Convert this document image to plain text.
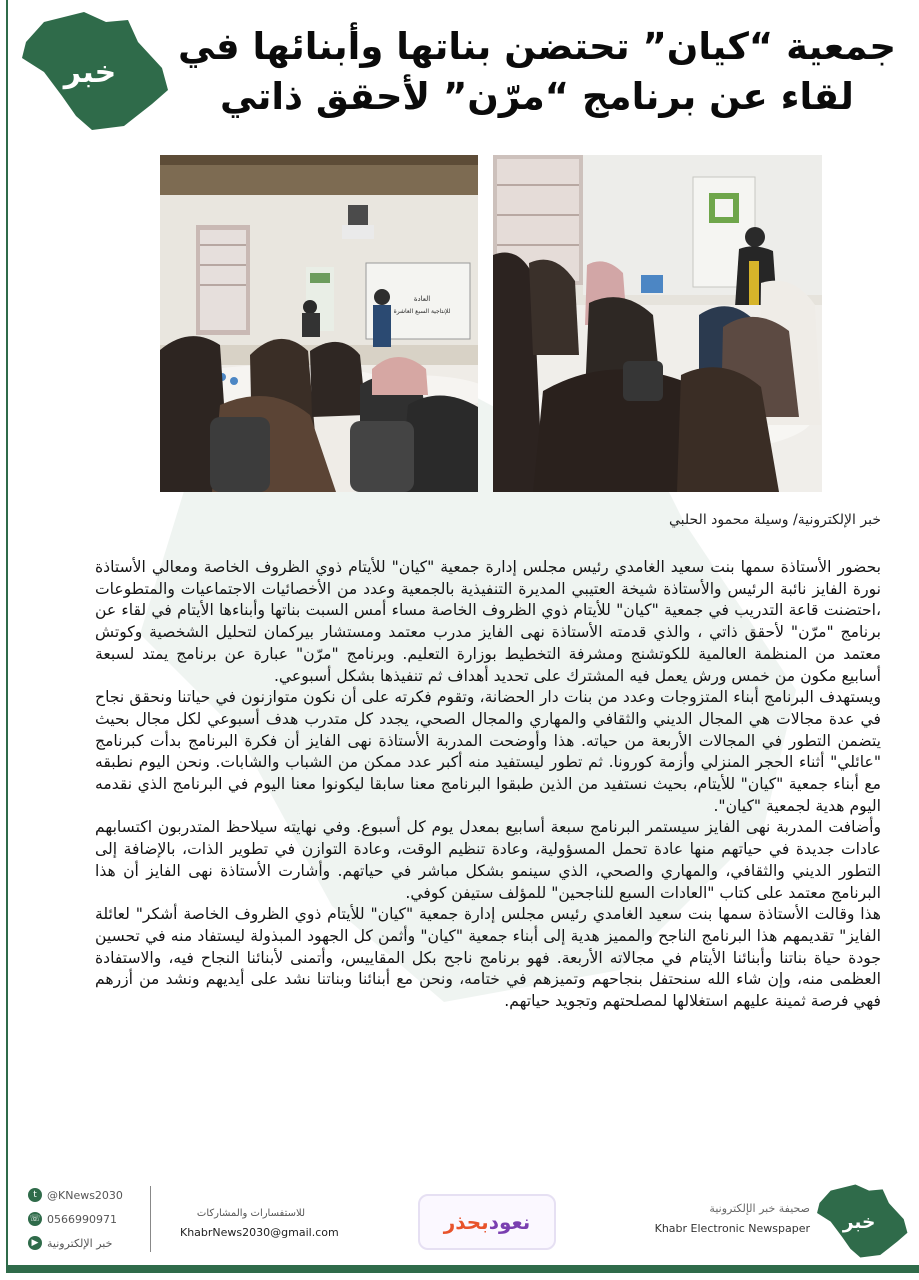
خبر
جمعية “كيان” تحتضن بناتها وأبنائها في
لقاء عن برنامج “مرّن” لأحقق ذاتي
العادة
للإنتاجية السبع العاشرة
خبر الإلكترونية/ وسيلة محمود الحلبي

بحضور الأستاذة سمها بنت سعيد الغامدي رئيس مجلس إدارة جمعية "كيان" للأيتام ذوي الظروف الخاصة ومعالي الأستاذة نورة الفايز نائبة الرئيس والأستاذة شيخة العتيبي المديرة التنفيذية بالجمعية وعدد من الأخصائيات الاجتماعيات والمتطوعات ،احتضنت قاعة التدريب في جمعية "كيان" للأيتام ذوي الظروف الخاصة مساء أمس السبت بناتها وأبناءها الأيتام في لقاء عن برنامج "مرّن" لأحقق ذاتي ، والذي قدمته الأستاذة نهى الفايز مدرب معتمد ومستشار بيركمان لتحليل الشخصية وكوتش معتمد من المنظمة العالمية للكوتشنج ومشرفة التخطيط بوزارة التعليم. وبرنامج "مرّن" عبارة عن برنامج يمتد لسبعة أسابيع مكون من خمس ورش يعمل فيه المشترك على تحديد أهداف ثم تنفيذها بشكل أسبوعي.

ويستهدف البرنامج أبناء المتزوجات وعدد من بنات دار الحضانة، وتقوم فكرته على أن نكون متوازنون في حياتنا ونحقق نجاح في عدة مجالات هي المجال الديني والثقافي والمهاري والمجال الصحي، يجدد كل متدرب هدف أسبوعي لكل مجال بحيث يتضمن التطور في المجالات الأربعة من حياته. هذا وأوضحت المدربة الأستاذة نهى الفايز أن فكرة البرنامج بدأت كبرنامج "عائلي" أثناء الحجر المنزلي وأزمة كورونا. ثم تطور ليستفيد منه أكبر عدد ممكن من الشباب والشابات. ونحن اليوم نطبقه مع أبناء جمعية "كيان" للأيتام، بحيث نستفيد من الذين طبقوا البرنامج معنا سابقا ليكونوا معنا اليوم في البرنامج الذي نقدمه اليوم هدية لجمعية "كيان".

وأضافت المدربة نهى الفايز سيستمر البرنامج سبعة أسابيع بمعدل يوم كل أسبوع. وفي نهايته سيلاحظ المتدربون اكتسابهم عادات جديدة في حياتهم منها عادة تحمل المسؤولية، وعادة تنظيم الوقت، وعادة التوازن في تطوير الذات، بالإضافة إلى التطور الديني والثقافي، والمهاري والصحي، الذي سينمو بشكل مباشر في حياتهم. وأشارت الأستاذة نهى الفايز أن هذا البرنامج معتمد على كتاب "العادات السبع للناجحين" للمؤلف ستيفن كوفي.

هذا وقالت الأستاذة سمها بنت سعيد الغامدي رئيس مجلس إدارة جمعية "كيان" للأيتام ذوي الظروف الخاصة أشكر" لعائلة الفايز" تقديمهم هذا البرنامج الناجح والمميز هدية إلى أبناء جمعية "كيان" وأثمن كل الجهود المبذولة ليستفاد منه في تحسين جودة حياة بناتنا وأبنائنا الأيتام في مجالاته الأربعة. فهو برنامج ناجح بكل المقاييس، وأتمنى لأبنائنا النجاح فيه، والاستفادة العظمى منه، وإن شاء الله سنحتفل بنجاحهم وتميزهم في ختامه، ونحن مع أبنائنا وبناتنا نشد على أيديهم ونشد من أزرهم فهي فرصة ثمينة عليهم استغلالها لمصلحتهم وتجويد حياتهم.

t @KNews2030
☏ 0566990971
▶ خبر الإلكترونية
للاستفسارات والمشاركات
KhabrNews2030@gmail.com	نعود
بحذر
صحيفة خبر الإلكترونية
Khabr Electronic Newspaper خبر
